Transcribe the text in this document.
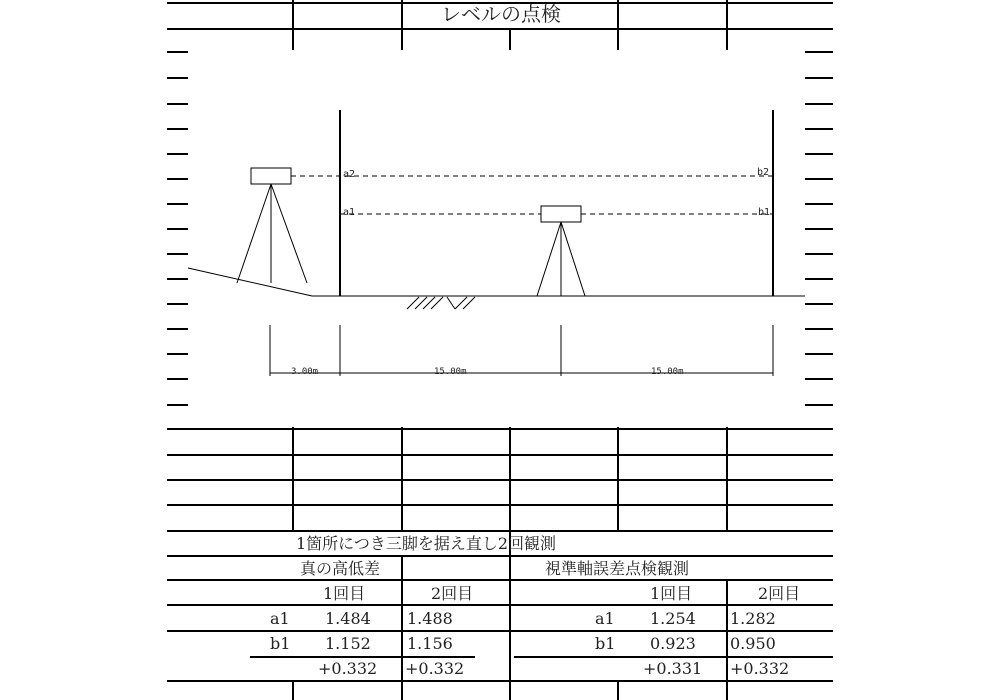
レベルの点検
a2
a1
b2
b1
3.00m	15.00m	15.00m
1箇所につき三脚を据え直し2回観測
真の高低差
1回目	2回目
a1 1.484 1.488
b1 1.152 1.156
+0.332 +0.332
視準軸誤差点検観測
1回目	2回目
a1 1.254 1.282
b1 0.923 0.950
+0.331 +0.332
